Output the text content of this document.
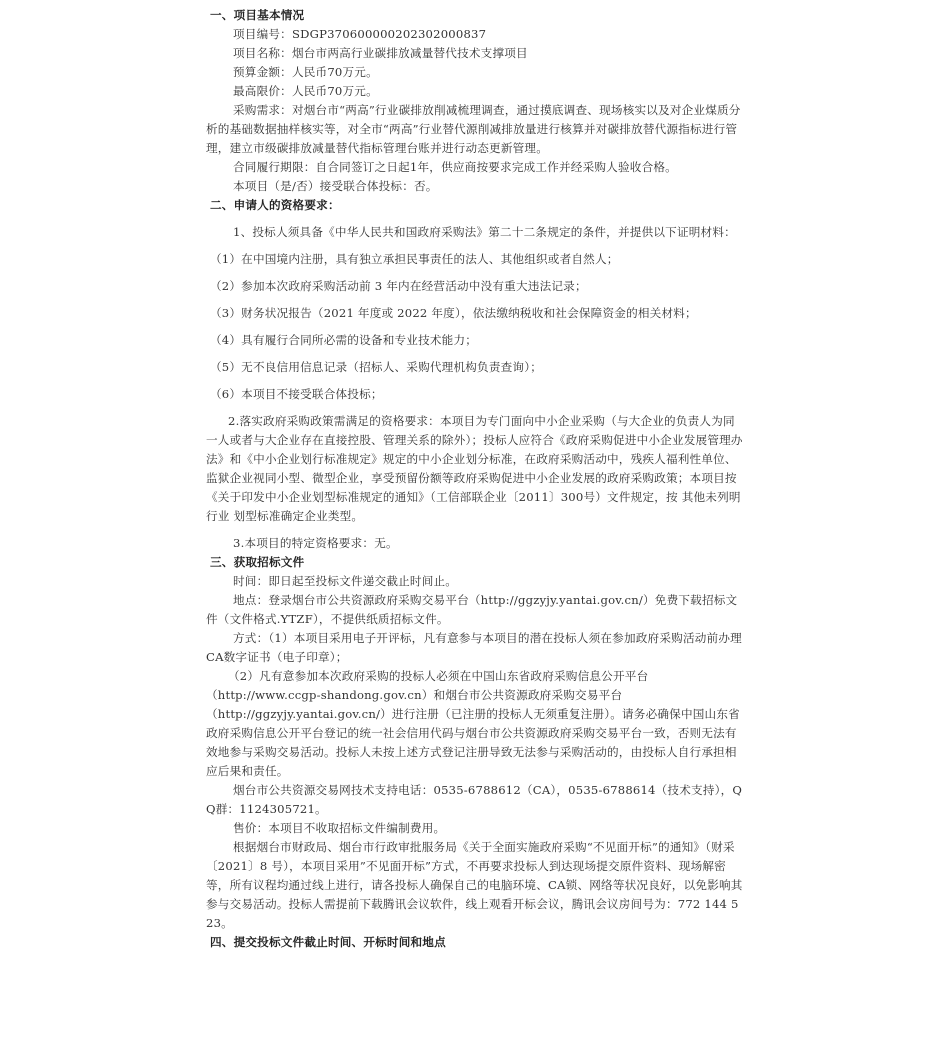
一、项目基本情况
项目编号：SDGP370600000202302000837
项目名称：烟台市两高行业碳排放减量替代技术支撑项目
预算金额：人民币70万元。
最高限价：人民币70万元。
采购需求：对烟台市“两高”行业碳排放削减梳理调查，通过摸底调查、现场核实以及对企业煤质分析的基础数据抽样核实等，对全市“两高”行业替代源削减排放量进行核算并对碳排放替代源指标进行管理，建立市级碳排放减量替代指标管理台账并进行动态更新管理。
合同履行期限：自合同签订之日起1年，供应商按要求完成工作并经采购人验收合格。
本项目（是/否）接受联合体投标：否。
二、申请人的资格要求：
1、投标人须具备《中华人民共和国政府采购法》第二十二条规定的条件，并提供以下证明材料：
（1）在中国境内注册，具有独立承担民事责任的法人、其他组织或者自然人；
（2）参加本次政府采购活动前 3 年内在经营活动中没有重大违法记录；
（3）财务状况报告（2021 年度或 2022 年度），依法缴纳税收和社会保障资金的相关材料；
（4）具有履行合同所必需的设备和专业技术能力；
（5）无不良信用信息记录（招标人、采购代理机构负责查询）；
（6）本项目不接受联合体投标；
2.落实政府采购政策需满足的资格要求：本项目为专门面向中小企业采购（与大企业的负责人为同一人或者与大企业存在直接控股、管理关系的除外）；投标人应符合《政府采购促进中小企业发展管理办法》和《中小企业划行标准规定》规定的中小企业划分标准，在政府采购活动中，残疾人福利性单位、监狱企业视同小型、微型企业，享受预留份额等政府采购促进中小企业发展的政府采购政策；本项目按《关于印发中小企业划型标准规定的通知》（工信部联企业〔2011〕300号）文件规定，按 其他未列明行业 划型标准确定企业类型。
3.本项目的特定资格要求：无。
三、获取招标文件
时间：即日起至投标文件递交截止时间止。
地点：登录烟台市公共资源政府采购交易平台（http://ggzyjy.yantai.gov.cn/）免费下载招标文件（文件格式.YTZF），不提供纸质招标文件。
方式：（1）本项目采用电子开评标，凡有意参与本项目的潜在投标人须在参加政府采购活动前办理CA数字证书（电子印章）；
（2）凡有意参加本次政府采购的投标人必须在中国山东省政府采购信息公开平台
（http://www.ccgp-shandong.gov.cn）和烟台市公共资源政府采购交易平台
（http://ggzyjy.yantai.gov.cn/）进行注册（已注册的投标人无须重复注册）。请务必确保中国山东省政府采购信息公开平台登记的统一社会信用代码与烟台市公共资源政府采购交易平台一致，否则无法有效地参与采购交易活动。投标人未按上述方式登记注册导致无法参与采购活动的，由投标人自行承担相应后果和责任。
烟台市公共资源交易网技术支持电话：0535-6788612（CA），0535-6788614（技术支持），QQ群：1124305721。
售价：本项目不收取招标文件编制费用。
根据烟台市财政局、烟台市行政审批服务局《关于全面实施政府采购“不见面开标”的通知》（财采〔2021〕8 号），本项目采用”不见面开标”方式，不再要求投标人到达现场提交原件资料、现场解密等，所有议程均通过线上进行，请各投标人确保自己的电脑环境、CA锁、网络等状况良好，以免影响其参与交易活动。投标人需提前下载腾讯会议软件，线上观看开标会议，腾讯会议房间号为：772 144 523。
四、提交投标文件截止时间、开标时间和地点
